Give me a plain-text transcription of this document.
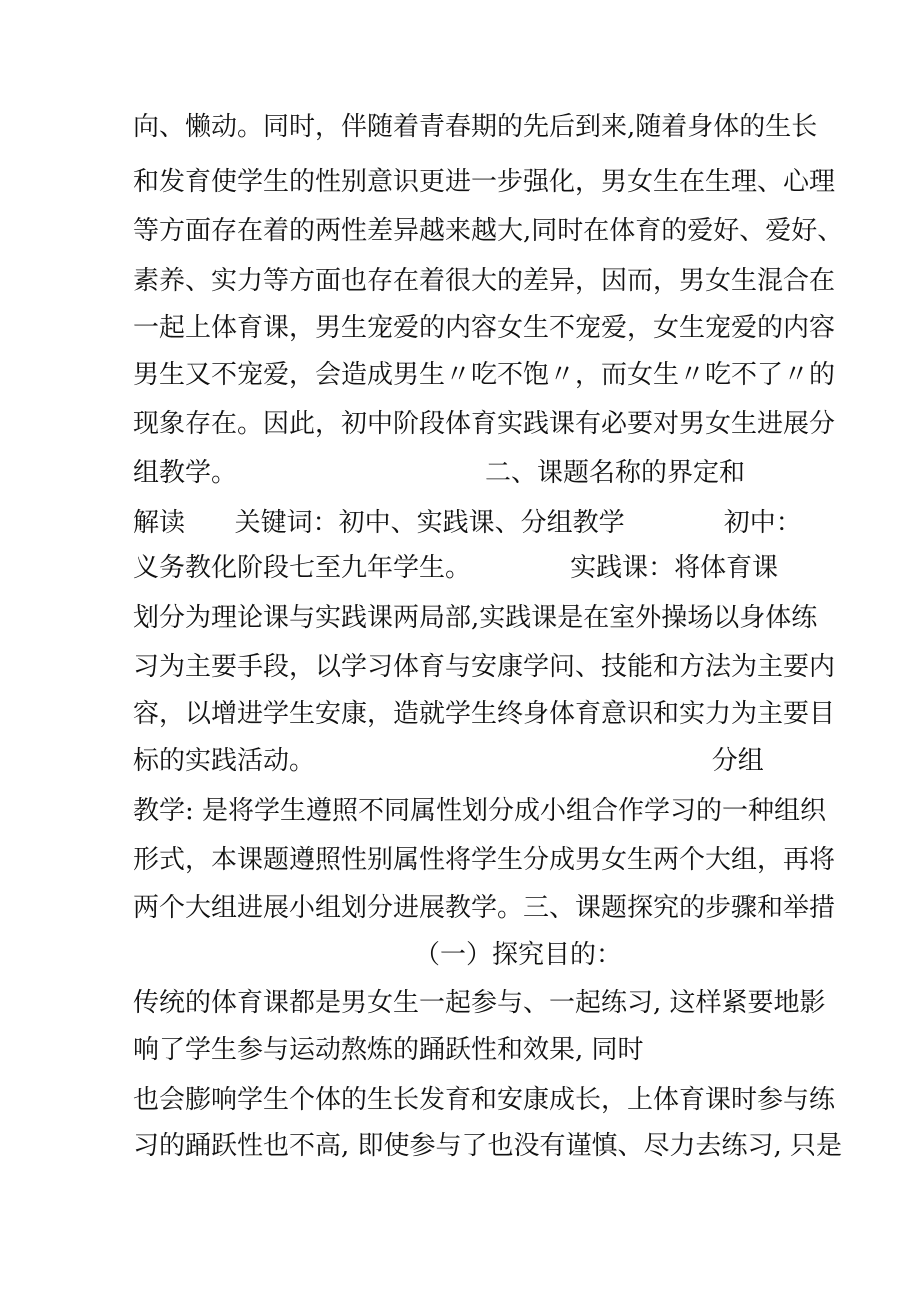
向、懒动。同时，伴随着青春期的先后到来,随着身体的生长
和发育使学生的性别意识更进一步强化，男女生在生理、心理
等方面存在着的两性差异越来越大,同时在体育的爱好、爱好、
素养、实力等方面也存在着很大的差异，因而，男女生混合在
一起上体育课，男生宠爱的内容女生不宠爱，女生宠爱的内容
男生又不宠爱，会造成男生〃吃不饱〃，而女生〃吃不了〃的
现象存在。因此，初中阶段体育实践课有必要对男女生进展分
组教学。                              二、课题名称的界定和
解读      关键词：初中、实践课、分组教学            初中：
义务教化阶段七至九年学生。            实践课：将体育课
划分为理论课与实践课两局部,实践课是在室外操场以身体练
习为主要手段，以学习体育与安康学问、技能和方法为主要内
容，以增进学生安康，造就学生终身体育意识和实力为主要目
标的实践活动。                                                分组
教学: 是将学生遵照不同属性划分成小组合作学习的一种组织
形式，本课题遵照性别属性将学生分成男女生两个大组，再将
两个大组进展小组划分进展教学。三、课题探究的步骤和举措
（一）探究目的：
传统的体育课都是男女生一起参与、一起练习, 这样紧要地影
响了学生参与运动熬炼的踊跃性和效果, 同时
也会膨响学生个体的生长发育和安康成长，上体育课时参与练
习的踊跃性也不高, 即使参与了也没有谨慎、尽力去练习, 只是
